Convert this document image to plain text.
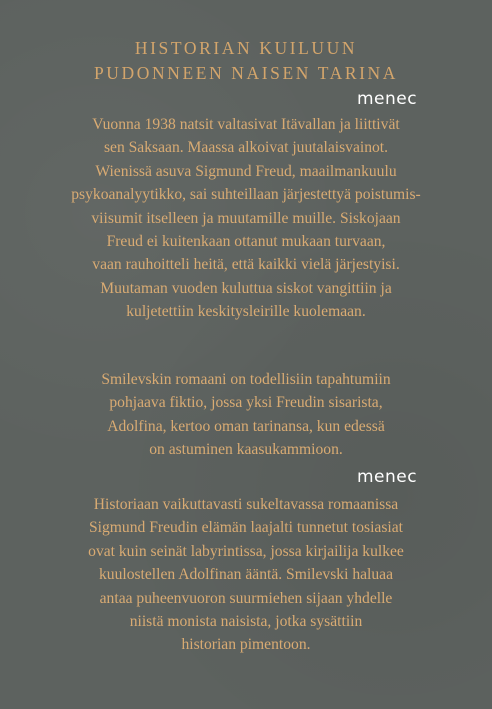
HISTORIAN KUILUUN
PUDONNEEN NAISEN TARINA
menec
menec

Vuonna 1938 natsit valtasivat Itävallan ja liittivät
sen Saksaan. Maassa alkoivat juutalaisvainot.
Wienissä asuva Sigmund Freud, maailmankuulu
psykoanalyytikko, sai suhteillaan järjestettyä poistumis-
viisumit itselleen ja muutamille muille. Siskojaan
Freud ei kuitenkaan ottanut mukaan turvaan,
vaan rauhoitteli heitä, että kaikki vielä järjestyisi.
Muutaman vuoden kuluttua siskot vangittiin ja
kuljetettiin keskitysleirille kuolemaan.

Smilevskin romaani on todellisiin tapahtumiin
pohjaava fiktio, jossa yksi Freudin sisarista,
Adolfina, kertoo oman tarinansa, kun edessä
on astuminen kaasukammioon.

Historiaan vaikuttavasti sukeltavassa romaanissa
Sigmund Freudin elämän laajalti tunnetut tosiasiat
ovat kuin seinät labyrintissa, jossa kirjailija kulkee
kuulostellen Adolfinan ääntä. Smilevski haluaa
antaa puheenvuoron suurmiehen sijaan yhdelle
niistä monista naisista, jotka sysättiin
historian pimentoon.
